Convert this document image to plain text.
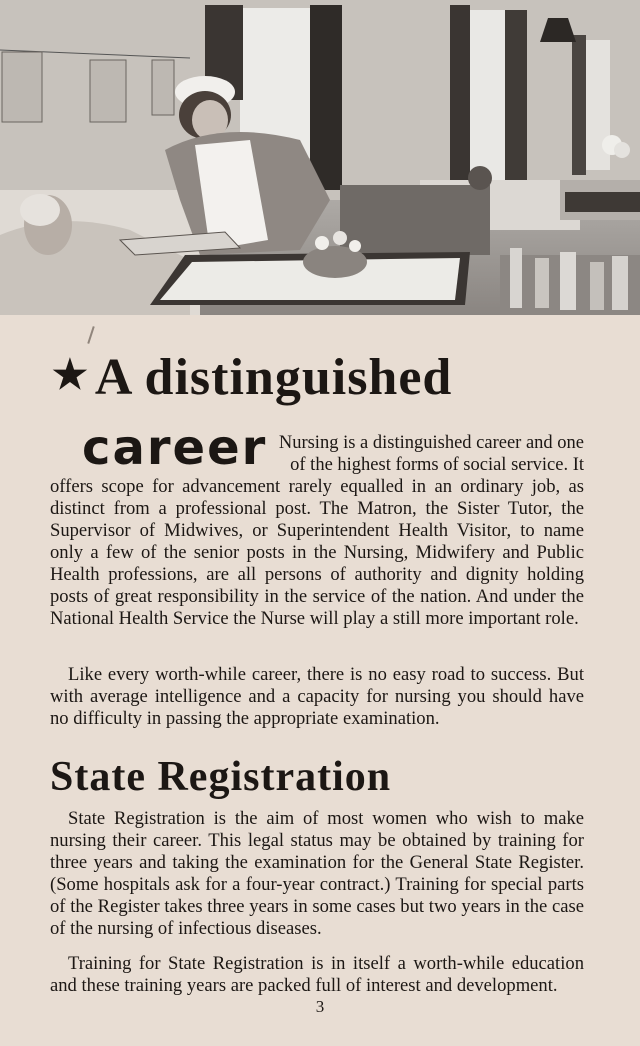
★ A distinguished
career Nursing is a distinguished career and one

of the highest forms of social service. It

offers scope for advancement rarely equalled in an ordinary job, as distinct from a professional post. The Matron, the Sister Tutor, the Supervisor of Midwives, or Superintendent Health Visitor, to name only a few of the senior posts in the Nursing, Midwifery and Public Health professions, are all persons of authority and dignity holding posts of great responsibility in the service of the nation. And under the National Health Service the Nurse will play a still more important role.

Like every worth-while career, there is no easy road to success. But with average intelligence and a capacity for nursing you should have no difficulty in passing the appropriate examination.

State Registration

State Registration is the aim of most women who wish to make nursing their career. This legal status may be obtained by training for three years and taking the examination for the General State Register. (Some hospitals ask for a four-year contract.) Training for special parts of the Register takes three years in some cases but two years in the case of the nursing of infectious diseases.

Training for State Registration is in itself a worth-while education and these training years are packed full of interest and development.

3
